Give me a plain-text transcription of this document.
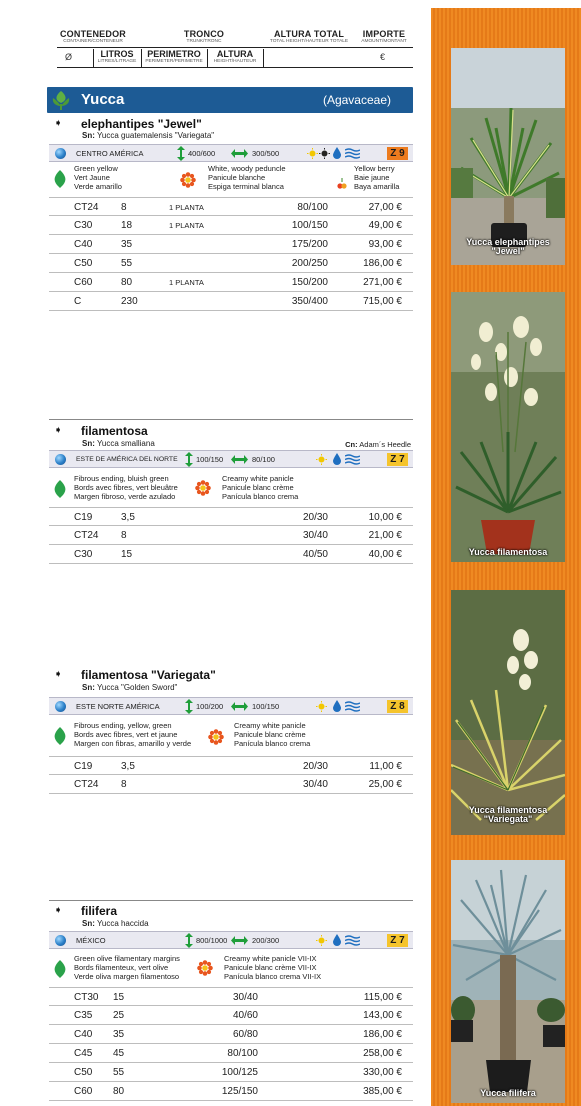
CONTENEDOR
CONTAINER/CONTENEUR
TRONCO
TRUNK/TRONC
ALTURA TOTAL
TOTAL HEIGHT/HAUTEUR TOTALE
IMPORTE
AMOUNT/MONTANT
Ø	LITROS
LITRES/LITRAGE
PERIMETRO
PERIMETER/PERIMETRE
ALTURA
HEIGHT/HAUTEUR	€
Yucca	(Agavaceae)
➧ elephantipes "Jewel"
Sn: Yucca guatemalensis "Variegata"
CENTRO AMÉRICA	400/600	300/500	Z 9
Green yellow
Vert Jaune
Verde amarillo
White, woody peduncle
Panicule blanche
Espiga terminal blanca
Yellow berry
Baie jaune
Baya amarilla
CT24 8	1 PLANTA	80/100	27,00 €
C30	18	1 PLANTA	100/150	49,00 €
C40	35	175/200	93,00 €
C50	55	200/250	186,00 €
C60	80	1 PLANTA	150/200	271,00 €
C	230	350/400	715,00 €
➧ filamentosa
Sn: Yucca smalliana	Cn: Adam´s Heedle
ESTE DE AMÉRICA DEL NORTE 100/150	80/100	Z 7
Fibrous ending, bluish green
Bords avec fibres, vert bleuâtre
Margen fibroso, verde azulado
Creamy white panicle
Panicule blanc crème
Panícula blanco crema
C19	3,5	20/30	10,00 €
CT24 8	30/40	21,00 €
C30	15	40/50	40,00 €
➧ filamentosa "Variegata"
Sn: Yucca "Golden Sword"
ESTE NORTE AMÉRICA	100/200	100/150	Z 8
Fibrous ending, yellow, green
Bords avec fibres, vert et jaune
Margen con fibras, amarillo y verde
Creamy white panicle
Panicule blanc crème
Panícula blanco crema
C19	3,5	20/30	11,00 €
CT24 8	30/40	25,00 €
➧ filifera
Sn: Yucca haccida
MÉXICO	800/1000	200/300	Z 7
Green olive filamentary margins
Bords filamenteux, vert olive
Verde oliva margen filamentoso
Creamy white panicle VII-IX
Panicule blanc crème VII-IX
Panícula blanco crema VII-IX
CT30 15	30/40	115,00 €
C35 25	40/60	143,00 €
C40 35	60/80	186,00 €
C45 45	80/100	258,00 €
C50 55	100/125	330,00 €
C60 80	125/150	385,00 €
Yucca elephantipes "Jewel"
Yucca filamentosa
Yucca filamentosa "Variegata"
Yucca filifera
